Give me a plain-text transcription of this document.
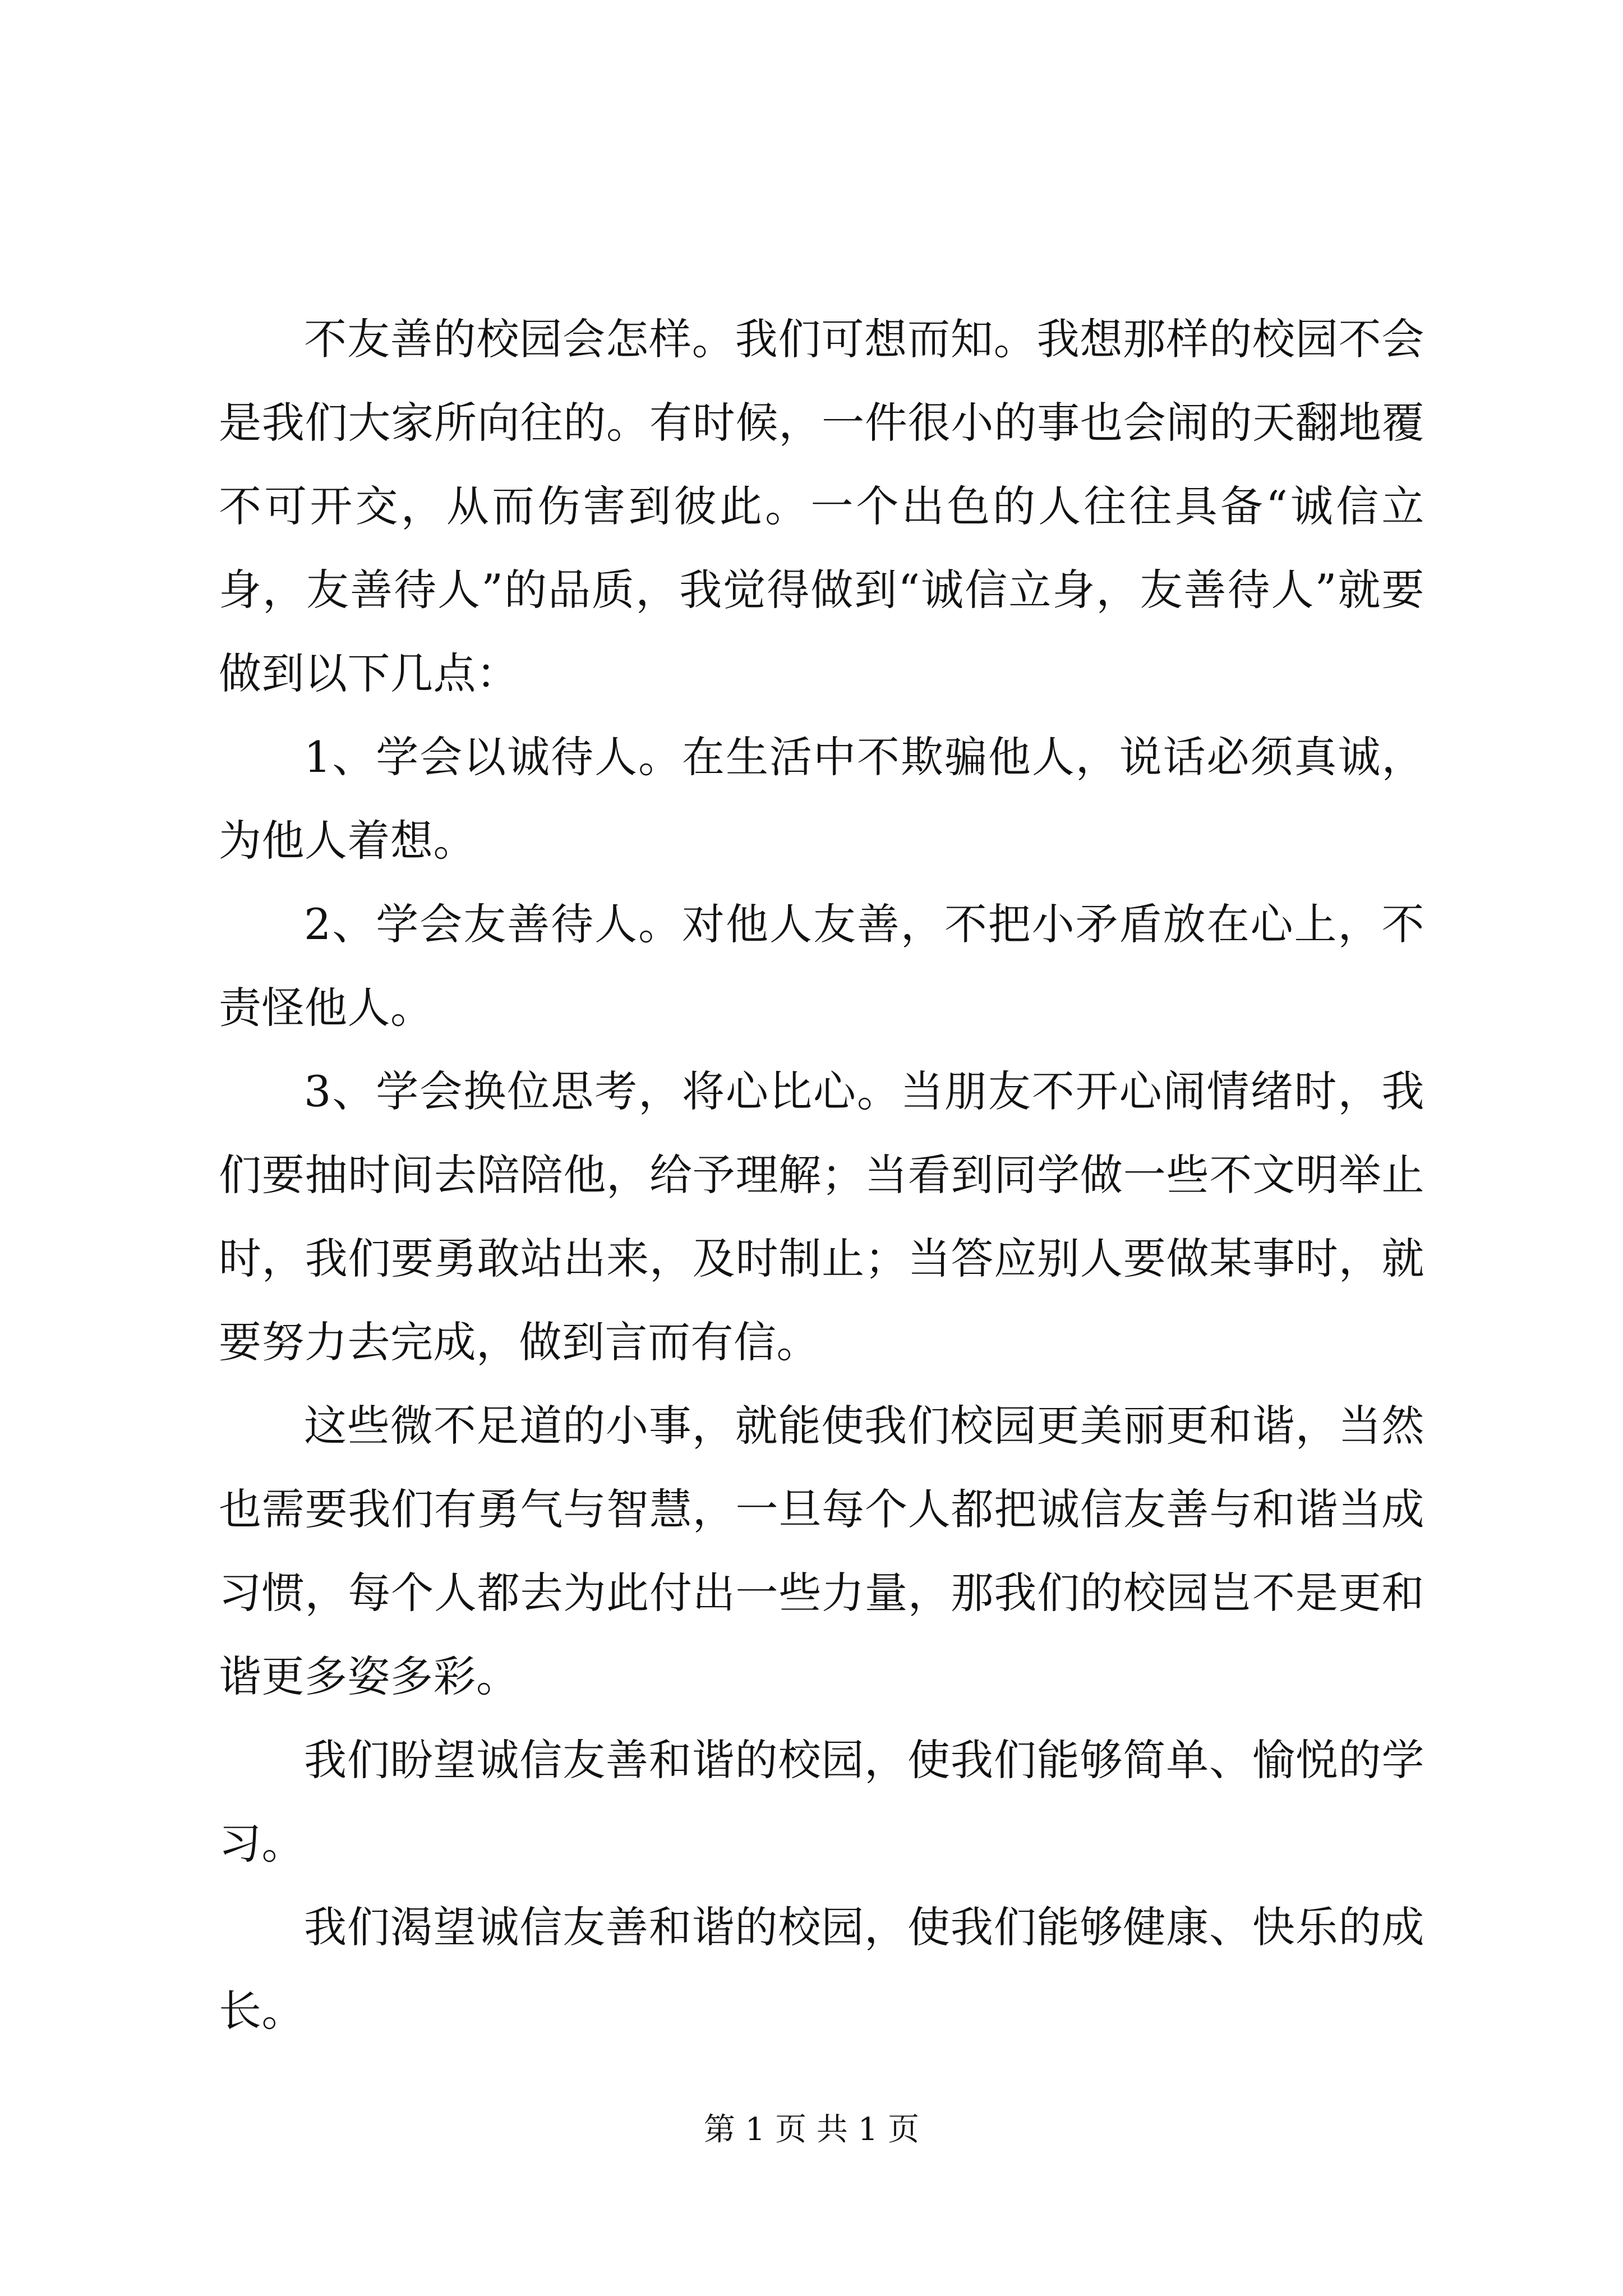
不友善的校园会怎样。我们可想而知。我想那样的校园不会是我们大家所向往的。有时候，一件很小的事也会闹的天翻地覆不可开交，从而伤害到彼此。一个出色的人往往具备“诚信立身，友善待人”的品质，我觉得做到“诚信立身，友善待人”就要做到以下几点：

1、学会以诚待人。在生活中不欺骗他人，说话必须真诚，为他人着想。

2、学会友善待人。对他人友善，不把小矛盾放在心上，不责怪他人。

3、学会换位思考，将心比心。当朋友不开心闹情绪时，我们要抽时间去陪陪他，给予理解；当看到同学做一些不文明举止时，我们要勇敢站出来，及时制止；当答应别人要做某事时，就要努力去完成，做到言而有信。

这些微不足道的小事，就能使我们校园更美丽更和谐，当然也需要我们有勇气与智慧，一旦每个人都把诚信友善与和谐当成习惯，每个人都去为此付出一些力量，那我们的校园岂不是更和谐更多姿多彩。

我们盼望诚信友善和谐的校园，使我们能够简单、愉悦的学习。

我们渴望诚信友善和谐的校园，使我们能够健康、快乐的成长。

第 1 页 共 1 页
